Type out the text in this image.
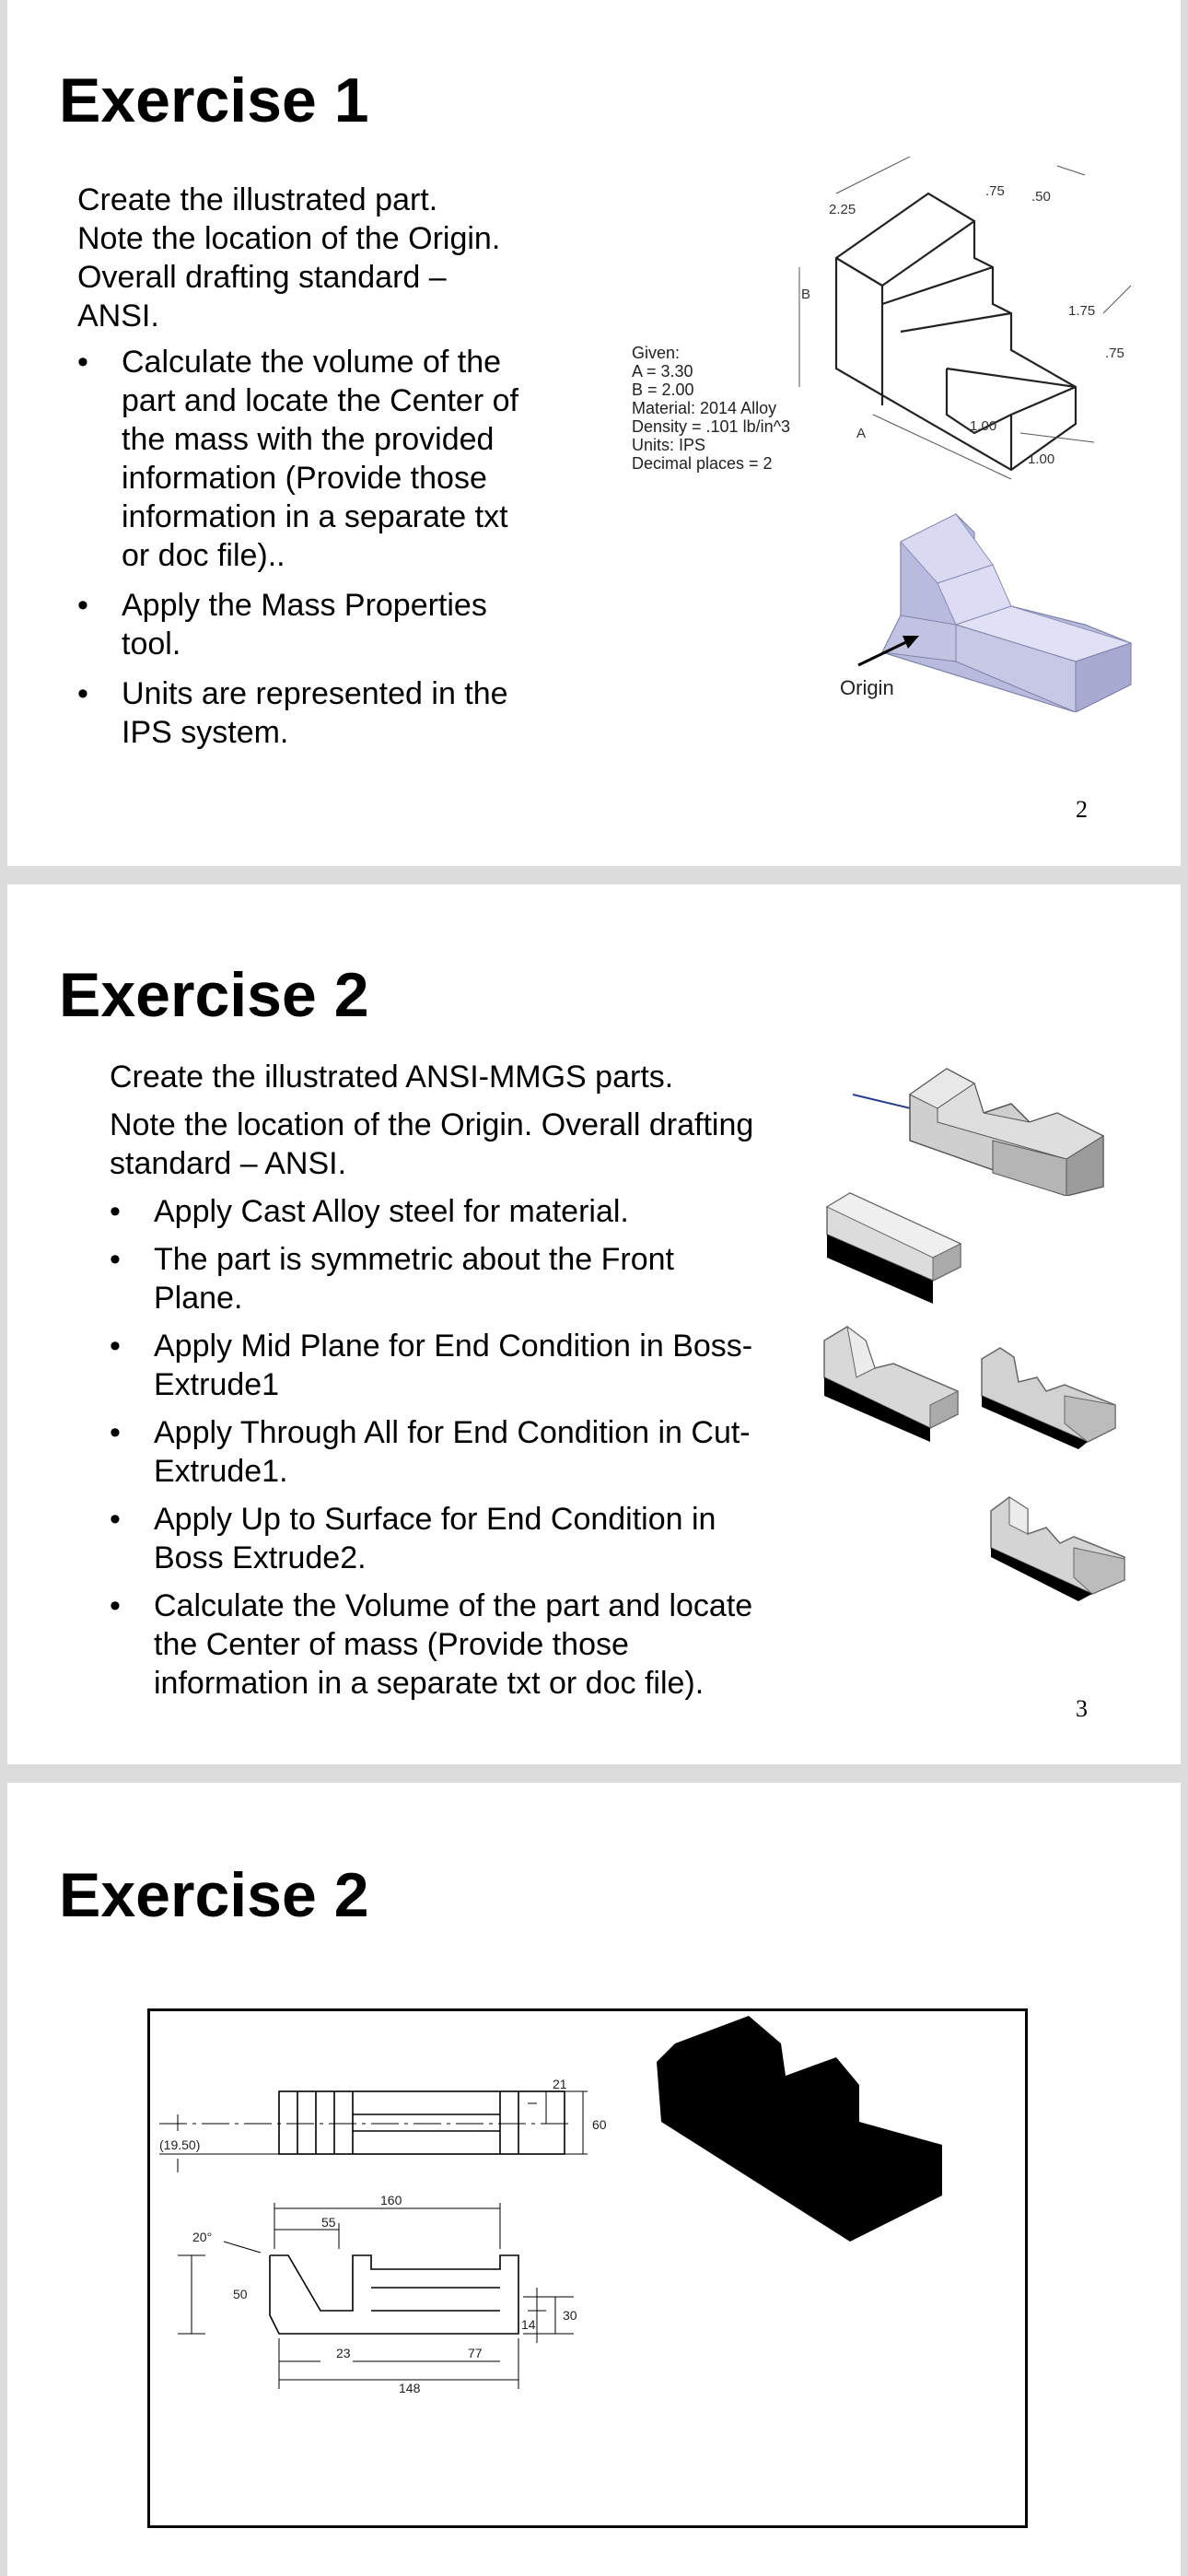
Exercise 1
Create the illustrated part.
Note the location of the Origin.
Overall drafting standard –
ANSI.
• Calculate the volume of the part and locate the Center of the mass with the provided information (Provide those information in a separate txt or doc file)..
• Apply the Mass Properties tool.
• Units are represented in the IPS system.
Given:
A = 3.30
B = 2.00
Material: 2014 Alloy
Density = .101 lb/in^3
Units: IPS
Decimal places = 2
2.25
.75 .50
1.75
.75
1.00
1.00
B
A
Origin
2
Exercise 2
Create the illustrated ANSI-MMGS parts.
Note the location of the Origin. Overall drafting standard – ANSI.
• Apply Cast Alloy steel for material.
• The part is symmetric about the Front Plane.
• Apply Mid Plane for End Condition in Boss-Extrude1
• Apply Through All for End Condition in Cut-Extrude1.
• Apply Up to Surface for End Condition in Boss Extrude2.
• Calculate the Volume of the part and locate the Center of mass (Provide those information in a separate txt or doc file).
3
Exercise 2
21
60
(19.50)
160
55
20°
50
30
14
23	77
148
